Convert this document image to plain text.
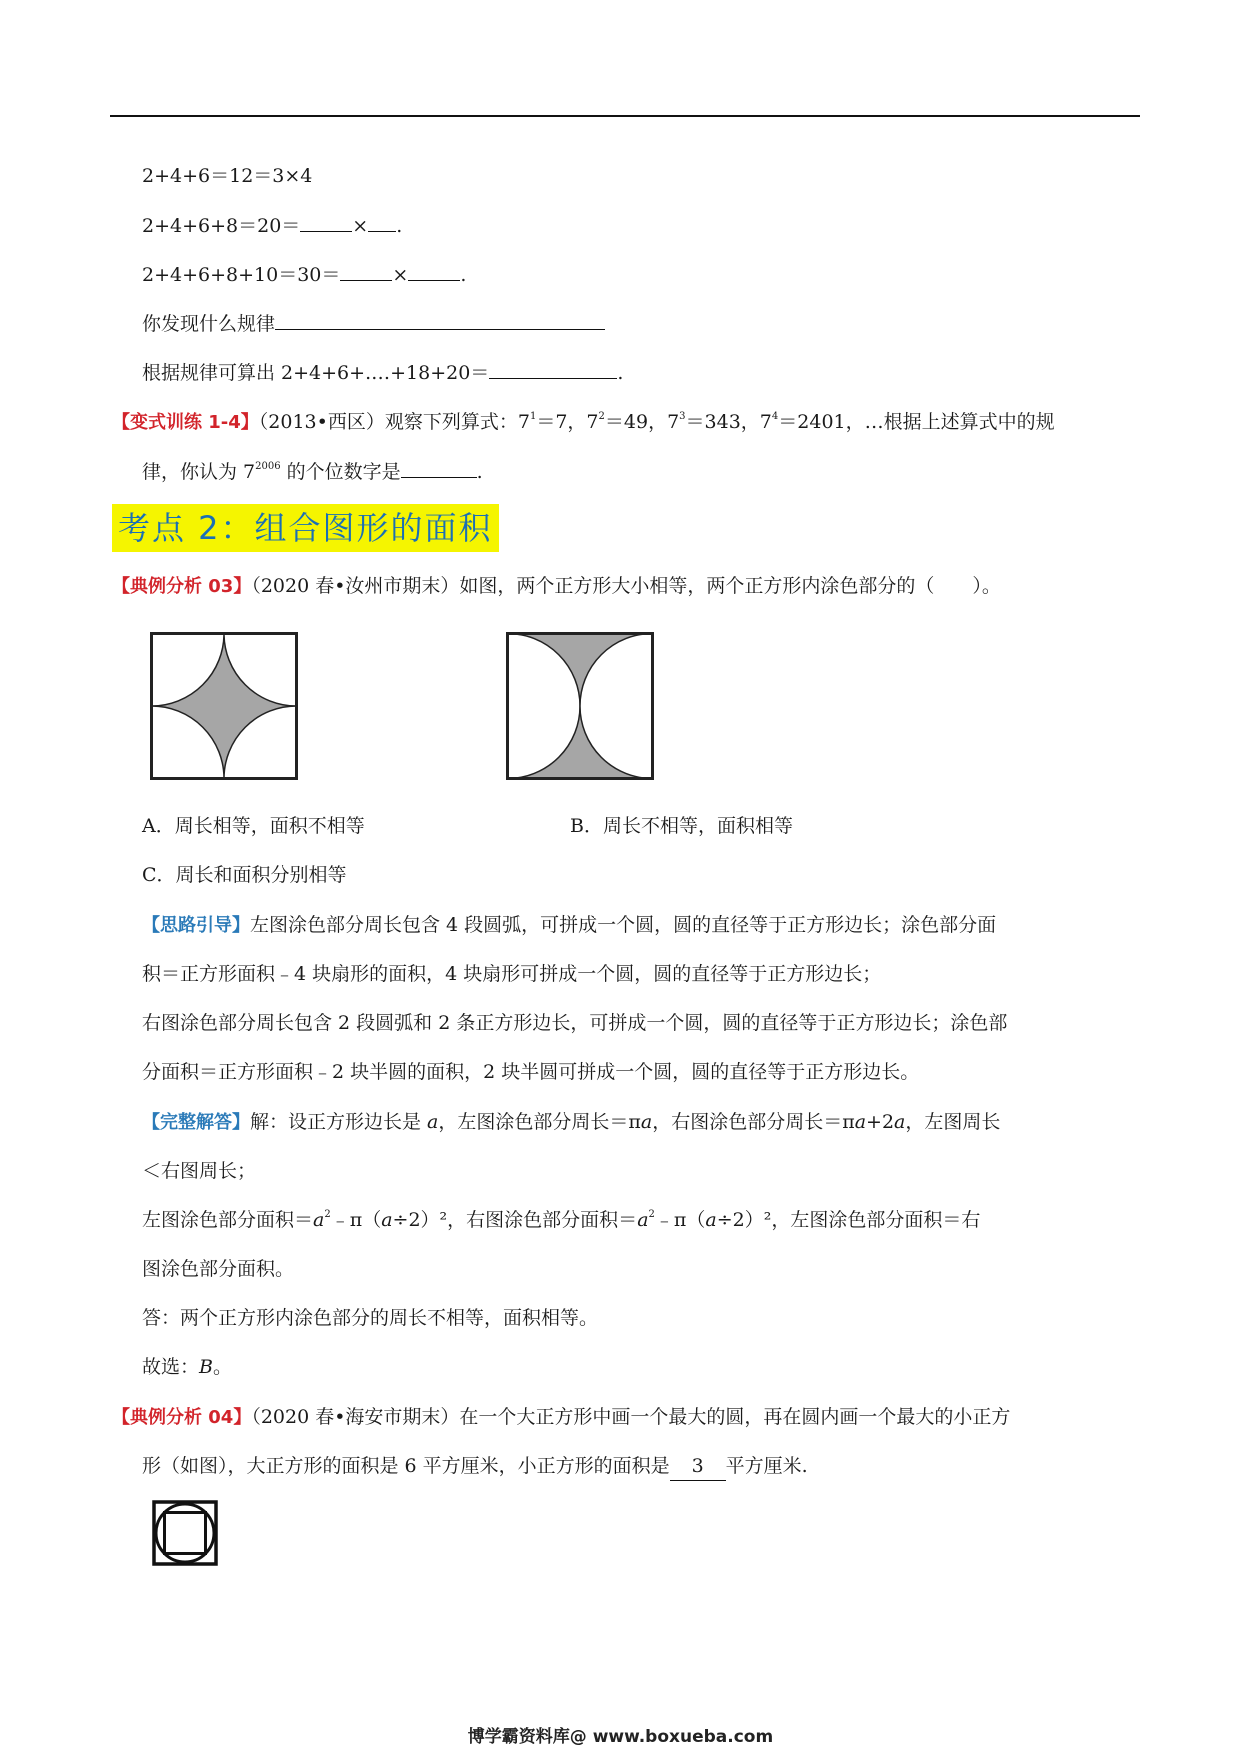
2+4+6＝12＝3×4
2+4+6+8＝20＝	× .
2+4+6+8+10＝30＝	×	.
你发现什么规律
根据规律可算出 2+4+6+.…+18+20＝	.
【变式训练 1-4】（2013•西区）观察下列算式：$7^1=7$，$7^2=49$，$7^3=343$，$7^4=2401$，…根据上述算式中的规
律，你认为 $7^{2006}$ 的个位数字是	.
考点 2：组合图形的面积
【典例分析 03】（2020 春•汝州市期末）如图，两个正方形大小相等，两个正方形内涂色部分的（　　）。
A．周长相等，面积不相等	B．周长不相等，面积相等
C．周长和面积分别相等
【思路引导】左图涂色部分周长包含 4 段圆弧，可拼成一个圆，圆的直径等于正方形边长；涂色部分面
积＝正方形面积﹣4 块扇形的面积，4 块扇形可拼成一个圆，圆的直径等于正方形边长；
右图涂色部分周长包含 2 段圆弧和 2 条正方形边长，可拼成一个圆，圆的直径等于正方形边长；涂色部
分面积＝正方形面积﹣2 块半圆的面积，2 块半圆可拼成一个圆，圆的直径等于正方形边长。
【完整解答】解：设正方形边长是 a，左图涂色部分周长＝πa，右图涂色部分周长＝πa+2a，左图周长
＜右图周长；
左图涂色部分面积$=a^2﹣\pi(a\div 2)^2$，右图涂色部分面积$=a^2﹣\pi(a\div 2)^2$，左图涂色部分面积＝右
图涂色部分面积。
答：两个正方形内涂色部分的周长不相等，面积相等。
故选：B。
【典例分析 04】（2020 春•海安市期末）在一个大正方形中画一个最大的圆，再在圆内画一个最大的小正方
形（如图），大正方形的面积是 6 平方厘米，小正方形的面积是 3 平方厘米.
博学霸资料库@ www.boxueba.com
